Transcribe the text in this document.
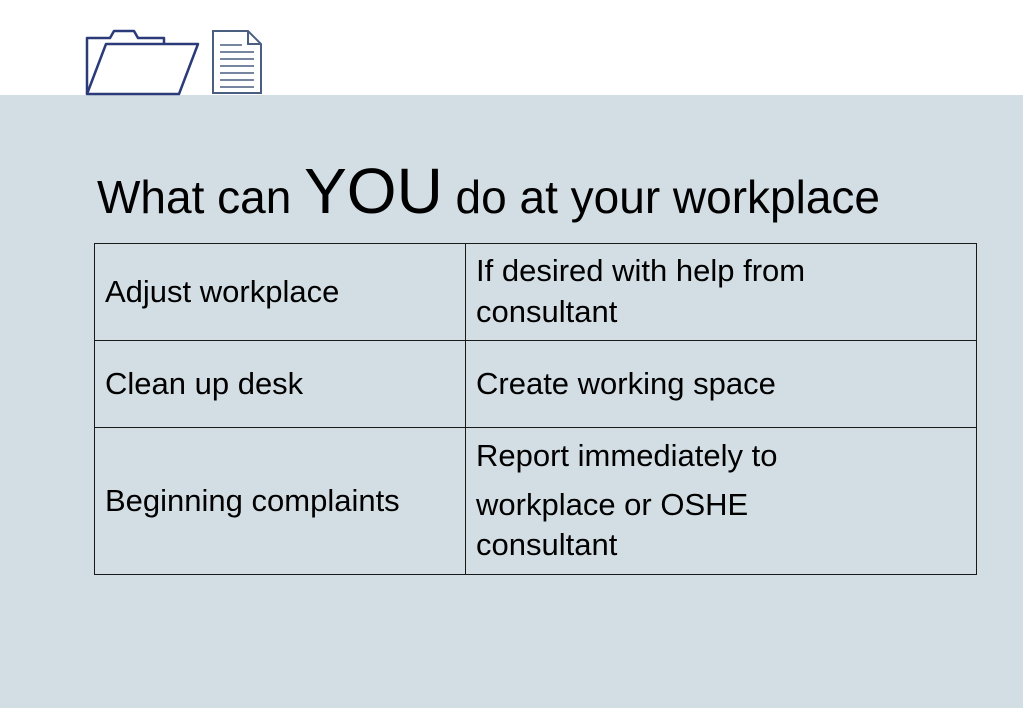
What can YOU do at your workplace
Adjust workplace	If desired with help from
consultant

Clean up desk	Create working space

Beginning complaints	Report immediately to
workplace or OSHE
consultant
